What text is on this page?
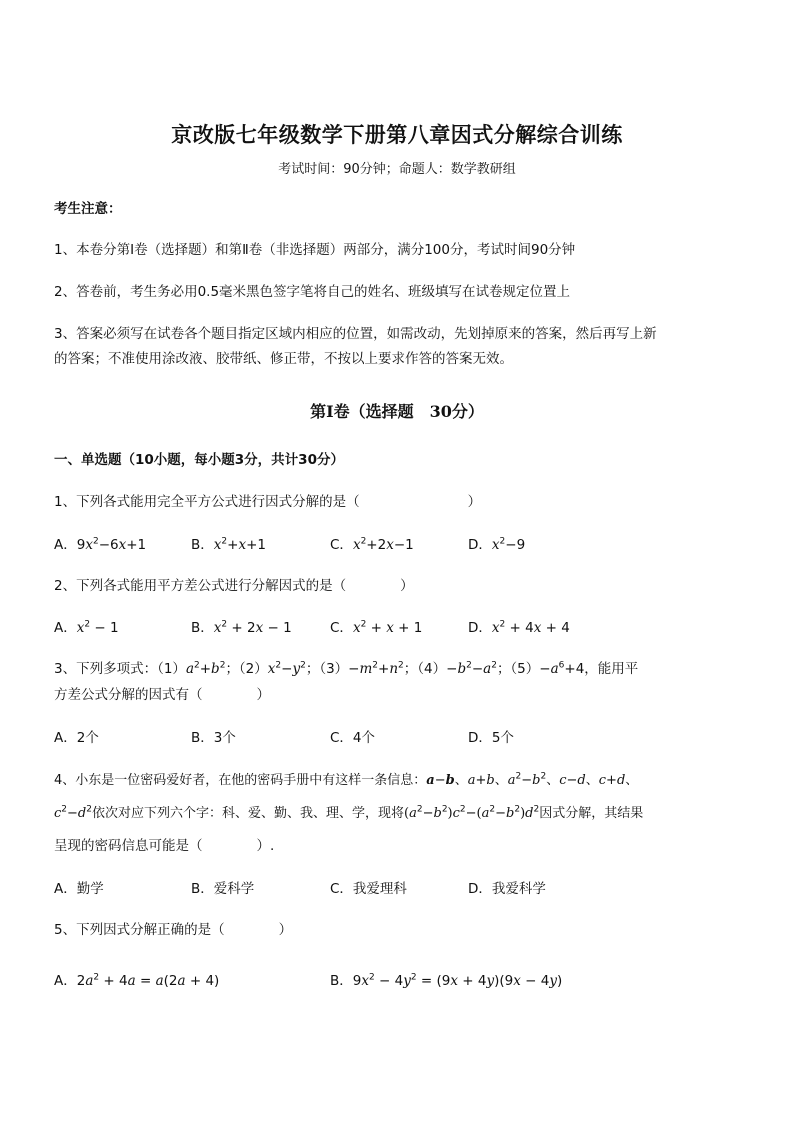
京改版七年级数学下册第八章因式分解综合训练
考试时间：90分钟；命题人：数学教研组
考生注意：
1、本卷分第Ⅰ卷（选择题）和第Ⅱ卷（非选择题）两部分，满分100分，考试时间90分钟
2、答卷前，考生务必用0.5毫米黑色签字笔将自己的姓名、班级填写在试卷规定位置上
3、答案必须写在试卷各个题目指定区域内相应的位置，如需改动，先划掉原来的答案，然后再写上新
的答案；不准使用涂改液、胶带纸、修正带，不按以上要求作答的答案无效。
第Ⅰ卷（选择题　30分）
一、单选题（10小题，每小题3分，共计30分）
1、下列各式能用完全平方公式进行因式分解的是（　　　　　　　　）
A．$9x^2-6x+1$	B．$x^2+x+1$	C．$x^2+2x-1$	D．$x^2-9$
2、下列各式能用平方差公式进行分解因式的是（　　　　）
A．$x^2 - 1$	B．$x^2 + 2x - 1$	C．$x^2 + x + 1$	D．$x^2 + 4x + 4$
3、下列多项式：$(1)a^2+b^2$；$(2)x^2-y^2$；$(3)-m^2+n^2$；$(4)-b^2-a^2$；$(5)-a^6+4$，能用平
方差公式分解的因式有（　　　　）
A．2个	B．3个	C．4个	D．5个
4、小东是一位密码爱好者，在他的密码手册中有这样一条信息：a−b、a+b、$a^2-b^2$、c−d、c+d、
$c^2-d^2$依次对应下列六个字：科、爱、勤、我、理、学，现将$(a^2-b^2)c^2-(a^2-b^2)d^2$因式分解，其结果
呈现的密码信息可能是（　　　　）.
A．勤学	B．爱科学	C．我爱理科	D．我爱科学
5、下列因式分解正确的是（　　　　）
A．$2a^2 + 4a = a(2a + 4)$	B．$9x^2 - 4y^2 = (9x + 4y)(9x - 4y)$
